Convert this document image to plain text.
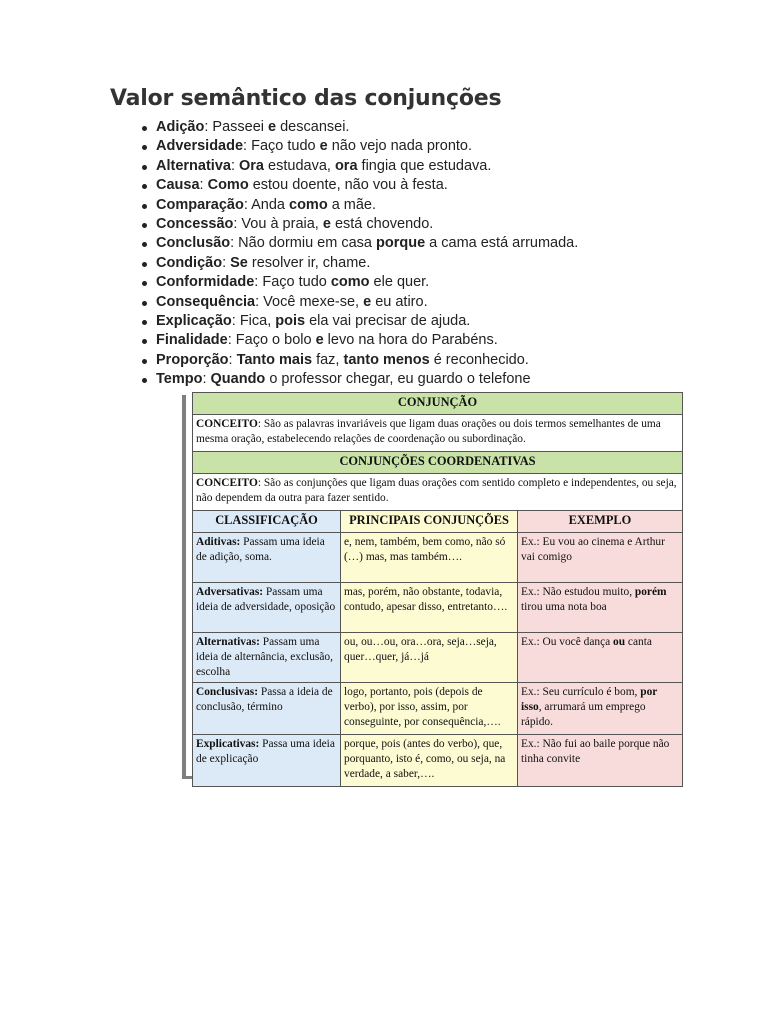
Valor semântico das conjunções
Adição: Passeei e descansei.
Adversidade: Faço tudo e não vejo nada pronto.
Alternativa: Ora estudava, ora fingia que estudava.
Causa: Como estou doente, não vou à festa.
Comparação: Anda como a mãe.
Concessão: Vou à praia, e está chovendo.
Conclusão: Não dormiu em casa porque a cama está arrumada.
Condição: Se resolver ir, chame.
Conformidade: Faço tudo como ele quer.
Consequência: Você mexe-se, e eu atiro.
Explicação: Fica, pois ela vai precisar de ajuda.
Finalidade: Faço o bolo e levo na hora do Parabéns.
Proporção: Tanto mais faz, tanto menos é reconhecido.
Tempo: Quando o professor chegar, eu guardo o telefone
CONJUNÇÃO		
CONCEITO: São as palavras invariáveis que ligam duas orações ou dois termos semelhantes de uma mesma oração, estabelecendo relações de coordenação ou subordinação.		
CONJUNÇÕES COORDENATIVAS		
CONCEITO: São as conjunções que ligam duas orações com sentido completo e independentes, ou seja, não dependem da outra para fazer sentido.		
CLASSIFICAÇÃO	PRINCIPAIS CONJUNÇÕES	EXEMPLO
Aditivas: Passam uma ideia de adição, soma.	e, nem, também, bem como, não só (…) mas, mas também….	Ex.: Eu vou ao cinema e Arthur vai comigo
Adversativas: Passam uma ideia de adversidade, oposição	mas, porém, não obstante, todavia, contudo, apesar disso, entretanto….	Ex.: Não estudou muito, porém tirou uma nota boa
Alternativas: Passam uma ideia de alternância, exclusão, escolha	ou, ou…ou, ora…ora, seja…seja, quer…quer, já…já	Ex.: Ou você dança ou canta
Conclusivas: Passa a ideia de conclusão, término	logo, portanto, pois (depois de verbo), por isso, assim, por conseguinte, por consequência,….	Ex.: Seu currículo é bom, por isso, arrumará um emprego rápido.
Explicativas: Passa uma ideia de explicação	porque, pois (antes do verbo), que, porquanto, isto é, como, ou seja, na verdade, a saber,….	Ex.: Não fui ao baile porque não tinha convite
